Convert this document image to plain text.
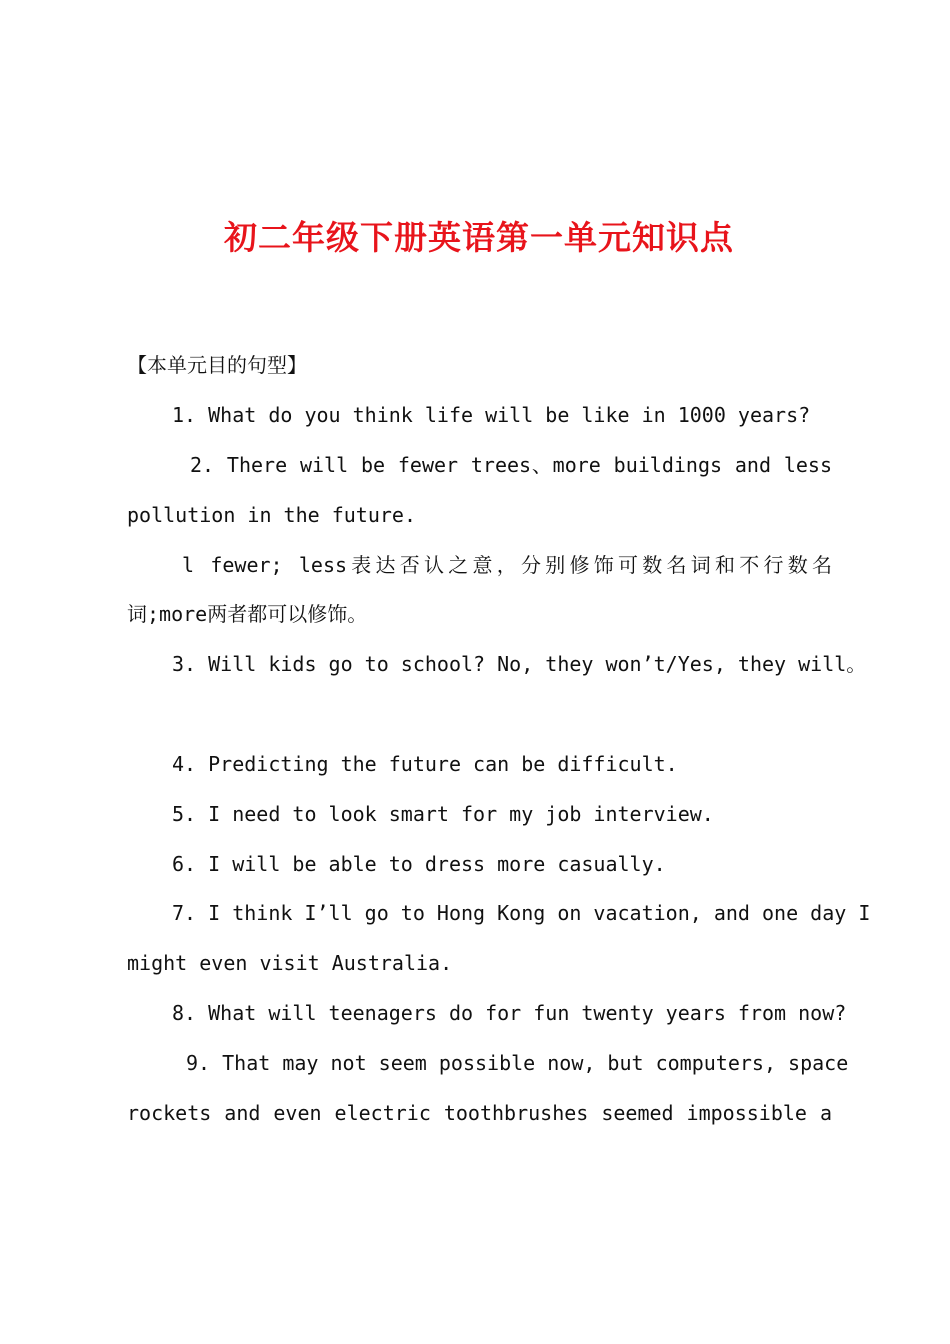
初二年级下册英语第一单元知识点

【本单元目的句型】

1. What do you think life will be like in 1000 years?

2. There will be fewer trees、more buildings and less

pollution in the future.

l fewer; less表达否认之意，分别修饰可数名词和不行数名

词;more两者都可以修饰。

3. Will kids go to school? No, they won’t/Yes, they will。

4. Predicting the future can be difficult.

5. I need to look smart for my job interview.

6. I will be able to dress more casually.

7. I think I’ll go to Hong Kong on vacation, and one day I

might even visit Australia.

8. What will teenagers do for fun twenty years from now?

9. That may not seem possible now, but computers, space

rockets and even electric toothbrushes seemed impossible a
